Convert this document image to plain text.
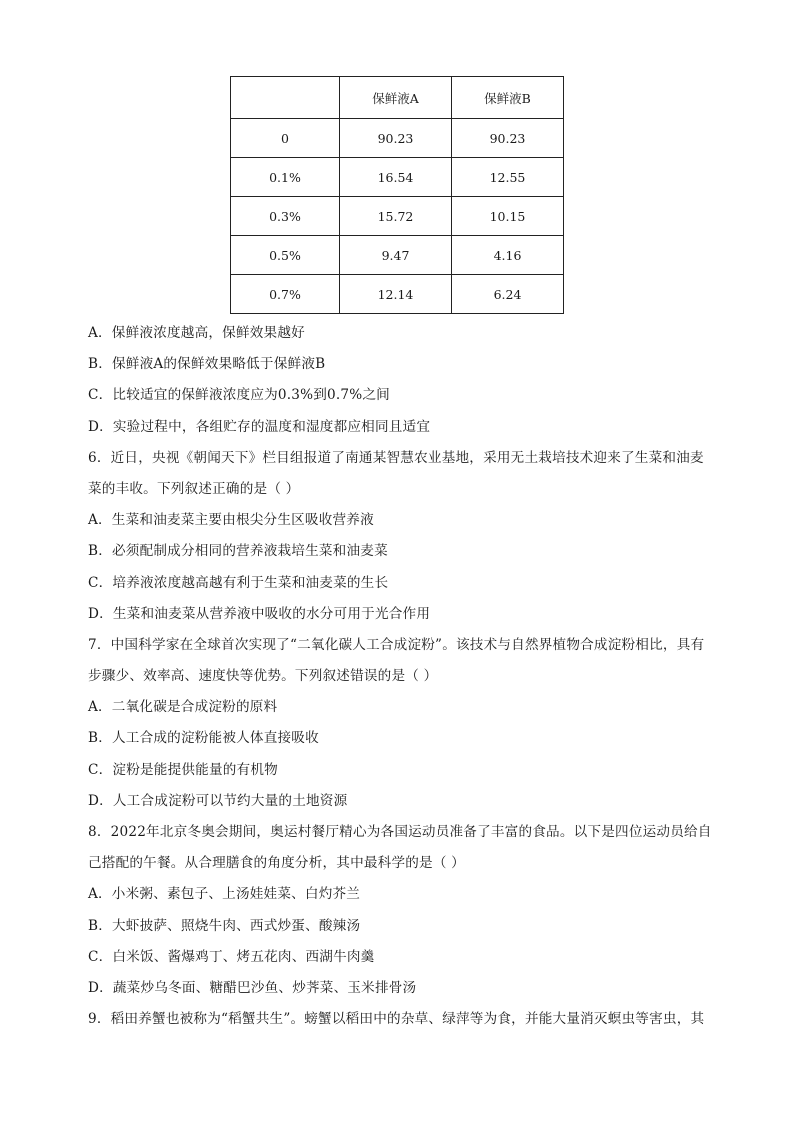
	保鲜液A	保鲜液B
0	90.23	90.23
0.1%	16.54	12.55
0.3%	15.72	10.15
0.5%	9.47	4.16
0.7%	12.14	6.24
A．保鲜液浓度越高，保鲜效果越好
B．保鲜液A的保鲜效果略低于保鲜液B
C．比较适宜的保鲜液浓度应为0.3%到0.7%之间
D．实验过程中，各组贮存的温度和湿度都应相同且适宜
6．近日，央视《朝闻天下》栏目组报道了南通某智慧农业基地，采用无土栽培技术迎来了生菜和油麦
菜的丰收。下列叙述正确的是（ ）
A．生菜和油麦菜主要由根尖分生区吸收营养液
B．必须配制成分相同的营养液栽培生菜和油麦菜
C．培养液浓度越高越有利于生菜和油麦菜的生长
D．生菜和油麦菜从营养液中吸收的水分可用于光合作用
7．中国科学家在全球首次实现了“二氧化碳人工合成淀粉”。该技术与自然界植物合成淀粉相比，具有
步骤少、效率高、速度快等优势。下列叙述错误的是（ ）
A．二氧化碳是合成淀粉的原料
B．人工合成的淀粉能被人体直接吸收
C．淀粉是能提供能量的有机物
D．人工合成淀粉可以节约大量的土地资源
8．2022年北京冬奥会期间，奥运村餐厅精心为各国运动员准备了丰富的食品。以下是四位运动员给自
己搭配的午餐。从合理膳食的角度分析，其中最科学的是（ ）
A．小米粥、素包子、上汤娃娃菜、白灼芥兰
B．大虾披萨、照烧牛肉、西式炒蛋、酸辣汤
C．白米饭、酱爆鸡丁、烤五花肉、西湖牛肉羹
D．蔬菜炒乌冬面、糖醋巴沙鱼、炒荠菜、玉米排骨汤
9．稻田养蟹也被称为“稻蟹共生”。螃蟹以稻田中的杂草、绿萍等为食，并能大量消灭螟虫等害虫，其
